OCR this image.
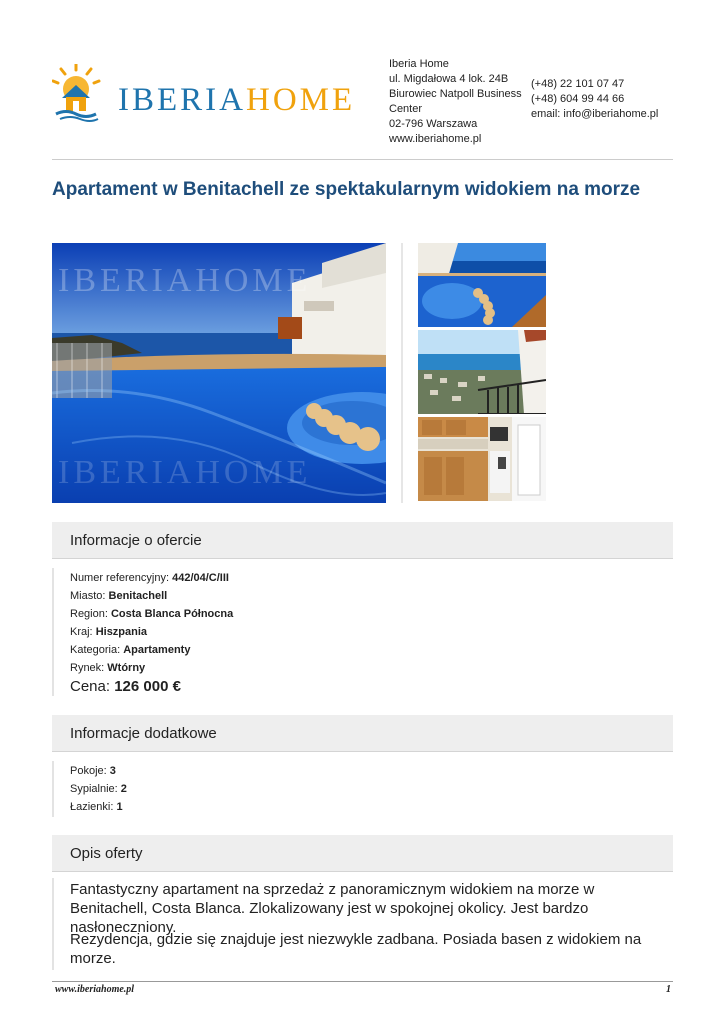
IBERIAHOME
Iberia Home
ul. Migdałowa 4 lok. 24B
Biurowiec Natpoll Business Center
02-796 Warszawa
www.iberiahome.pl
(+48) 22 101 07 47
(+48) 604 99 44 66
email: info@iberiahome.pl
Apartament w Benitachell ze spektakularnym widokiem na morze
IBERIAHOME
IBERIAHOME
Informacje o ofercie
Numer referencyjny: 442/04/C/III
Miasto: Benitachell
Region: Costa Blanca Północna
Kraj: Hiszpania
Kategoria: Apartamenty
Rynek: Wtórny
Cena: 126 000 €
Informacje dodatkowe
Pokoje: 3
Sypialnie: 2
Łazienki: 1
Opis oferty

Fantastyczny apartament na sprzedaż z panoramicznym widokiem na morze w Benitachell, Costa Blanca. Zlokalizowany jest w spokojnej okolicy. Jest bardzo nasłoneczniony.

Rezydencja, gdzie się znajduje jest niezwykle zadbana. Posiada basen z widokiem na morze.

www.iberiahome.pl	1
